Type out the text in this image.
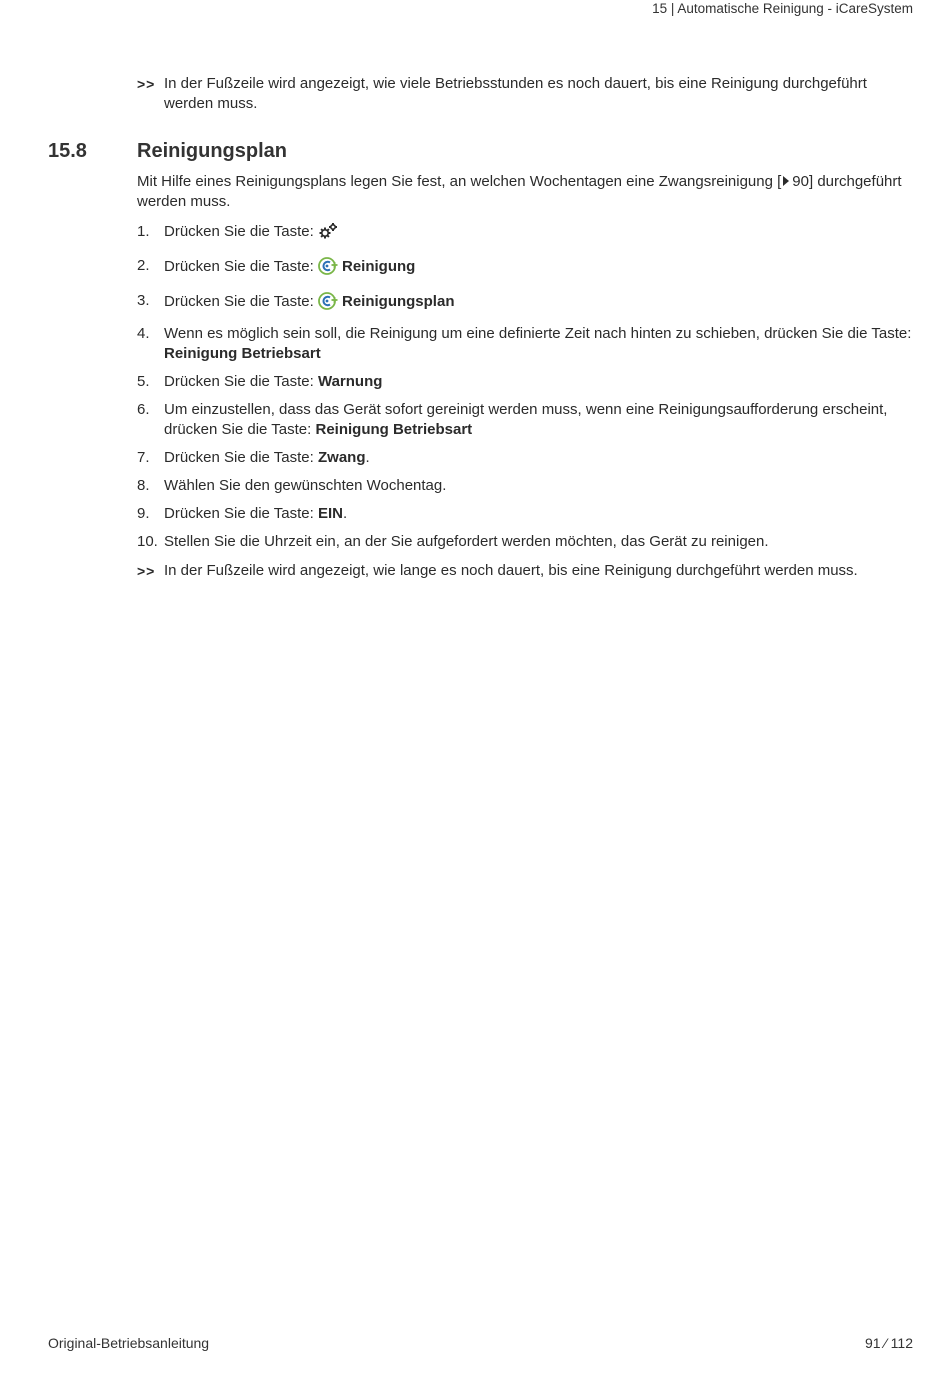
15 | Automatische Reinigung - iCareSystem
>> In der Fußzeile wird angezeigt, wie viele Betriebsstunden es noch dauert, bis eine Reinigung durchgeführt werden muss.
15.8	Reinigungsplan
Mit Hilfe eines Reinigungsplans legen Sie fest, an welchen Wochentagen eine Zwangsreinigung [ 90] durchgeführt werden muss.
1. Drücken Sie die Taste:
2. Drücken Sie die Taste: Reinigung
3. Drücken Sie die Taste: Reinigungsplan
4. Wenn es möglich sein soll, die Reinigung um eine definierte Zeit nach hinten zu schieben, drücken Sie die Taste: Reinigung Betriebsart
5. Drücken Sie die Taste: Warnung
6. Um einzustellen, dass das Gerät sofort gereinigt werden muss, wenn eine Reinigungsaufforderung erscheint, drücken Sie die Taste: Reinigung Betriebsart
7. Drücken Sie die Taste: Zwang.
8. Wählen Sie den gewünschten Wochentag.
9. Drücken Sie die Taste: EIN.
10. Stellen Sie die Uhrzeit ein, an der Sie aufgefordert werden möchten, das Gerät zu reinigen.
>> In der Fußzeile wird angezeigt, wie lange es noch dauert, bis eine Reinigung durchgeführt werden muss.
Original-Betriebsanleitung	91 ⁄ 112
